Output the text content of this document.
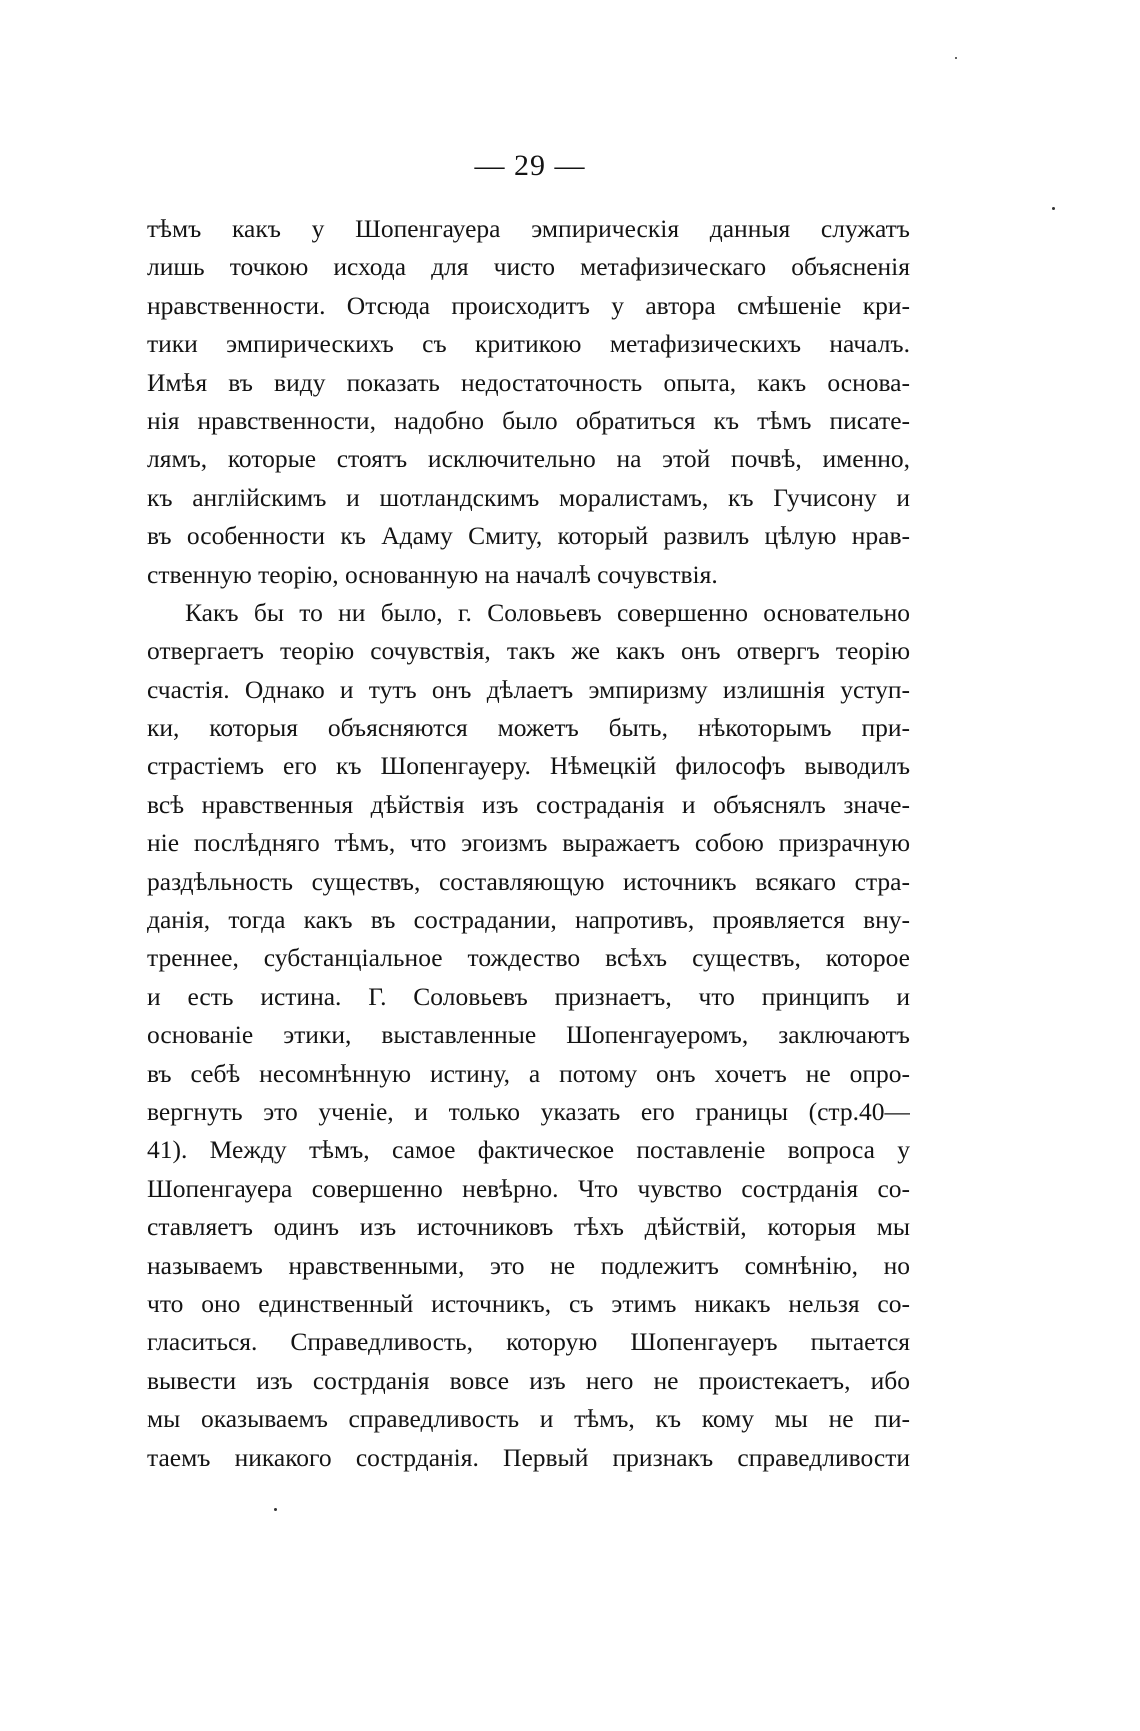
— 29 —
тѣмъ какъ у Шопенгауера эмпирическія данныя служатъ
лишь точкою исхода для чисто метафизическаго объясненія
нравственности. Отсюда происходитъ у автора смѣшеніе кри-
тики эмпирическихъ съ критикою метафизическихъ началъ.
Имѣя въ виду показать недостаточность опыта, какъ основа-
нія нравственности, надобно было обратиться къ тѣмъ писате-
лямъ, которые стоятъ исключительно на этой почвѣ, именно,
къ англійскимъ и шотландскимъ моралистамъ, къ Гучисону и
въ особенности къ Адаму Смиту, который развилъ цѣлую нрав-
ственную теорію, основанную на началѣ сочувствія.
Какъ бы то ни было, г. Соловьевъ совершенно основательно
отвергаетъ теорію сочувствія, такъ же какъ онъ отвергъ теорію
счастія. Однако и тутъ онъ дѣлаетъ эмпиризму излишнія уступ-
ки, которыя объясняются можетъ быть, нѣкоторымъ при-
страстіемъ его къ Шопенгауеру. Нѣмецкій философъ выводилъ
всѣ нравственныя дѣйствія изъ состраданія и объяснялъ значе-
ніе послѣдняго тѣмъ, что эгоизмъ выражаетъ собою призрачную
раздѣльность существъ, составляющую источникъ всякаго стра-
данія, тогда какъ въ сострадании, напротивъ, проявляется вну-
треннее, субстанціальное тождество всѣхъ существъ, которое
и есть истина. Г. Соловьевъ признаетъ, что принципъ и
основаніе этики, выставленные Шопенгауеромъ, заключаютъ
въ себѣ несомнѣнную истину, а потому онъ хочетъ не опро-
вергнуть это ученіе, и только указать его границы (стр.40—
41). Между тѣмъ, самое фактическое поставленіе вопроса у
Шопенгауера совершенно невѣрно. Что чувство сострданія со-
ставляетъ одинъ изъ источниковъ тѣхъ дѣйствій, которыя мы
называемъ нравственными, это не подлежитъ сомнѣнію, но
что оно единственный источникъ, съ этимъ никакъ нельзя со-
гласиться. Справедливость, которую Шопенгауеръ пытается
вывести изъ сострданія вовсе изъ него не проистекаетъ, ибо
мы оказываемъ справедливость и тѣмъ, къ кому мы не пи-
таемъ никакого сострданія. Первый признакъ справедливости
